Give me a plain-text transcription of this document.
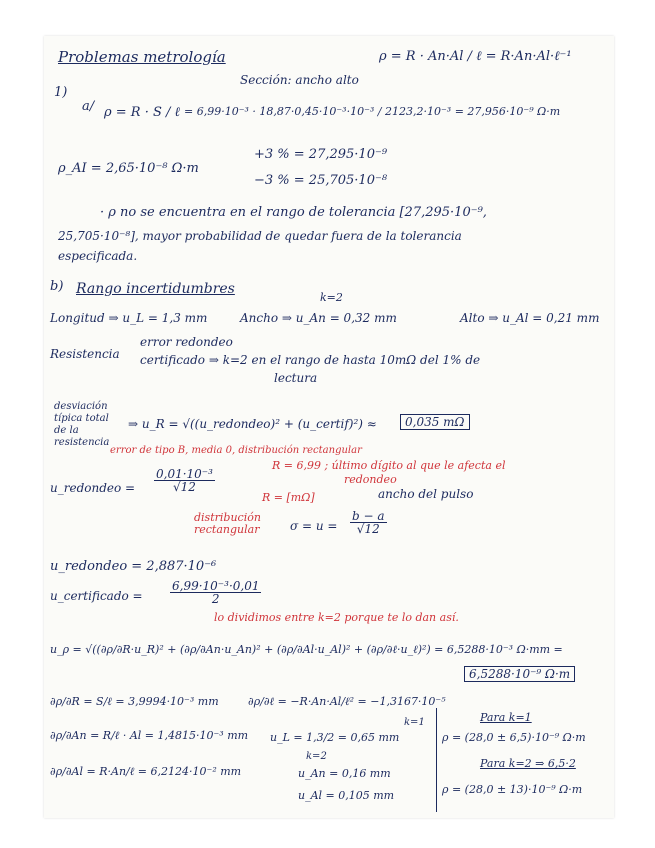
Problemas metrología	ρ = R · An·Al / ℓ = R·An·Al·ℓ⁻¹
Sección: ancho alto
1)
a/ ρ = R · S / ℓ = 6,99·10⁻³ · 18,87·0,45·10⁻³·10⁻³ / 2123,2·10⁻³ = 27,956·10⁻⁹ Ω·m
ρ_AI = 2,65·10⁻⁸ Ω·m
+3 % = 27,295·10⁻⁹
−3 % = 25,705·10⁻⁸
· ρ no se encuentra en el rango de tolerancia [27,295·10⁻⁹,
25,705·10⁻⁸], mayor probabilidad de quedar fuera de la tolerancia
especificada.
b) Rango incertidumbres
k=2
Longitud ⇒ u_L = 1,3 mm	Ancho ⇒ u_An = 0,32 mm	Alto ⇒ u_Al = 0,21 mm
Resistencia
error redondeo
certificado ⇒ k=2 en el rango de hasta 10mΩ del 1% de
lectura
desviación
típica total
de la
resistencia
⇒ u_R = √((u_redondeo)² + (u_certif)²) ≈	0,035 mΩ
error de tipo B, media 0, distribución rectangular
u_redondeo = $\frac{\text{0,01·10⁻³}}{√12}$
R = 6,99 ; último dígito al que le afecta el
redondeo
R = [mΩ]	ancho del pulso
distribución
rectangular	$\sigma = u = \frac{b - a}{√12}$
u_redondeo = 2,887·10⁻⁶
u_certificado = $\frac{\text{6,99·10⁻³·0,01}}{2}$
lo dividimos entre k=2 porque te lo dan así.
u_ρ = √((∂ρ/∂R·u_R)² + (∂ρ/∂An·u_An)² + (∂ρ/∂Al·u_Al)² + (∂ρ/∂ℓ·u_ℓ)²) = 6,5288·10⁻³ Ω·mm =
6,5288·10⁻⁹ Ω·m
∂ρ/∂R = S/ℓ = 3,9994·10⁻³ mm	∂ρ/∂ℓ = −R·An·Al/ℓ² = −1,3167·10⁻⁵
∂ρ/∂An = R/ℓ · Al = 1,4815·10⁻³ mm u_L = 1,3/2 = 0,65 mm
k=1
k=2
∂ρ/∂Al = R·An/ℓ = 6,2124·10⁻² mm	u_An = 0,16 mm
u_Al = 0,105 mm
Para k=1
ρ = (28,0 ± 6,5)·10⁻⁹ Ω·m
Para k=2 ⇒ 6,5·2
ρ = (28,0 ± 13)·10⁻⁹ Ω·m
